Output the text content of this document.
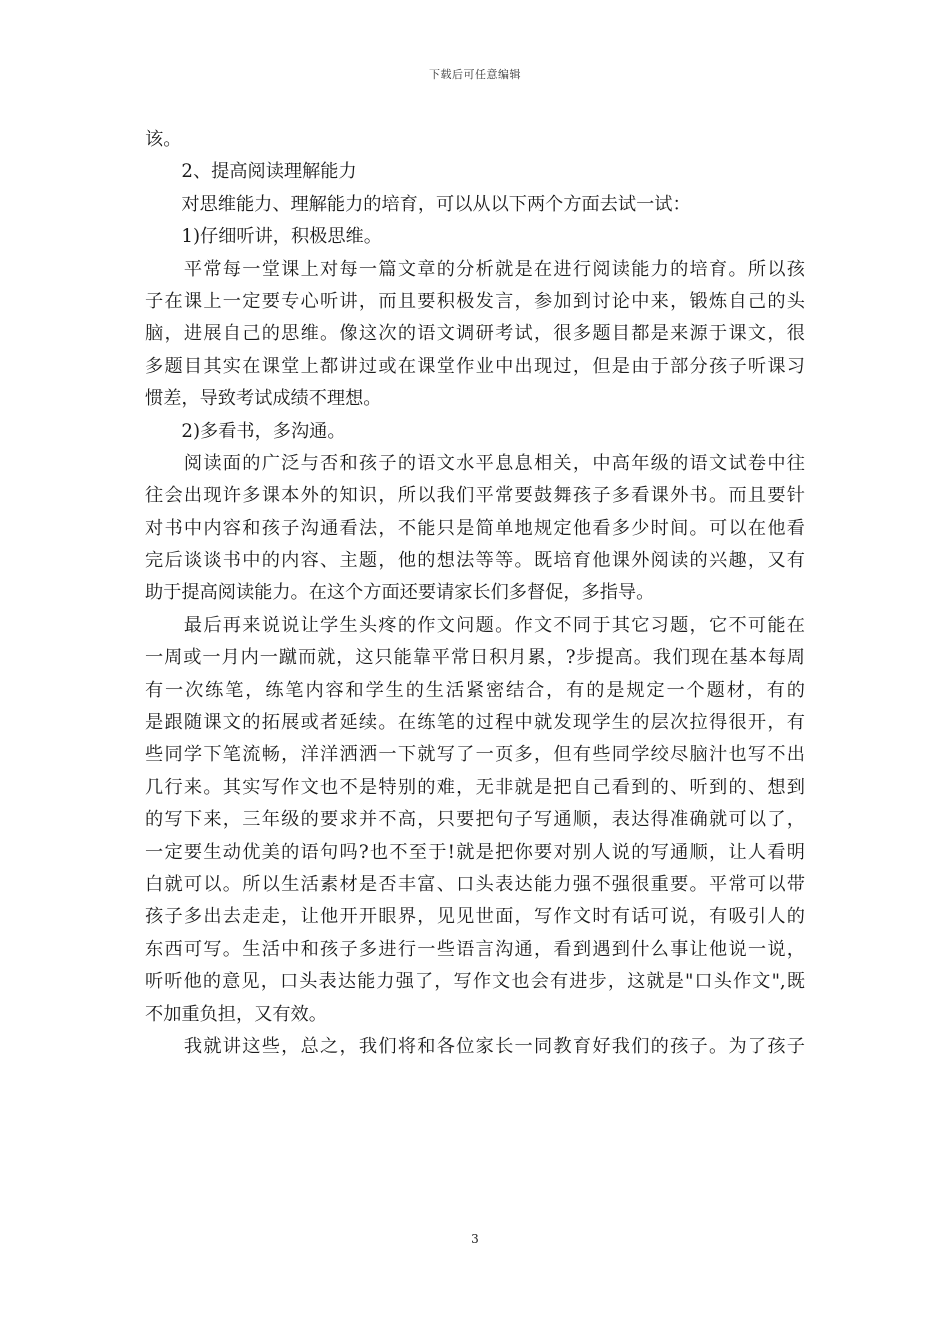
下载后可任意编辑
该。
　　2、提高阅读理解能力
　　对思维能力、理解能力的培育，可以从以下两个方面去试一试：
　　1)仔细听讲，积极思维。
　　平常每一堂课上对每一篇文章的分析就是在进行阅读能力的培育。所以孩
子在课上一定要专心听讲，而且要积极发言，参加到讨论中来，锻炼自己的头
脑，进展自己的思维。像这次的语文调研考试，很多题目都是来源于课文，很
多题目其实在课堂上都讲过或在课堂作业中出现过，但是由于部分孩子听课习
惯差，导致考试成绩不理想。
　　2)多看书，多沟通。
　　阅读面的广泛与否和孩子的语文水平息息相关，中高年级的语文试卷中往
往会出现许多课本外的知识，所以我们平常要鼓舞孩子多看课外书。而且要针
对书中内容和孩子沟通看法，不能只是简单地规定他看多少时间。可以在他看
完后谈谈书中的内容、主题，他的想法等等。既培育他课外阅读的兴趣，又有
助于提高阅读能力。在这个方面还要请家长们多督促，多指导。
　　最后再来说说让学生头疼的作文问题。作文不同于其它习题，它不可能在
一周或一月内一蹴而就，这只能靠平常日积月累，?步提高。我们现在基本每周
有一次练笔，练笔内容和学生的生活紧密结合，有的是规定一个题材，有的
是跟随课文的拓展或者延续。在练笔的过程中就发现学生的层次拉得很开，有
些同学下笔流畅，洋洋洒洒一下就写了一页多，但有些同学绞尽脑汁也写不出
几行来。其实写作文也不是特别的难，无非就是把自己看到的、听到的、想到
的写下来，三年级的要求并不高，只要把句子写通顺，表达得准确就可以了，
一定要生动优美的语句吗?也不至于!就是把你要对别人说的写通顺，让人看明
白就可以。所以生活素材是否丰富、口头表达能力强不强很重要。平常可以带
孩子多出去走走，让他开开眼界，见见世面，写作文时有话可说，有吸引人的
东西可写。生活中和孩子多进行一些语言沟通，看到遇到什么事让他说一说，
听听他的意见，口头表达能力强了，写作文也会有进步，这就是"口头作文",既
不加重负担，又有效。
　　我就讲这些，总之，我们将和各位家长一同教育好我们的孩子。为了孩子
3
